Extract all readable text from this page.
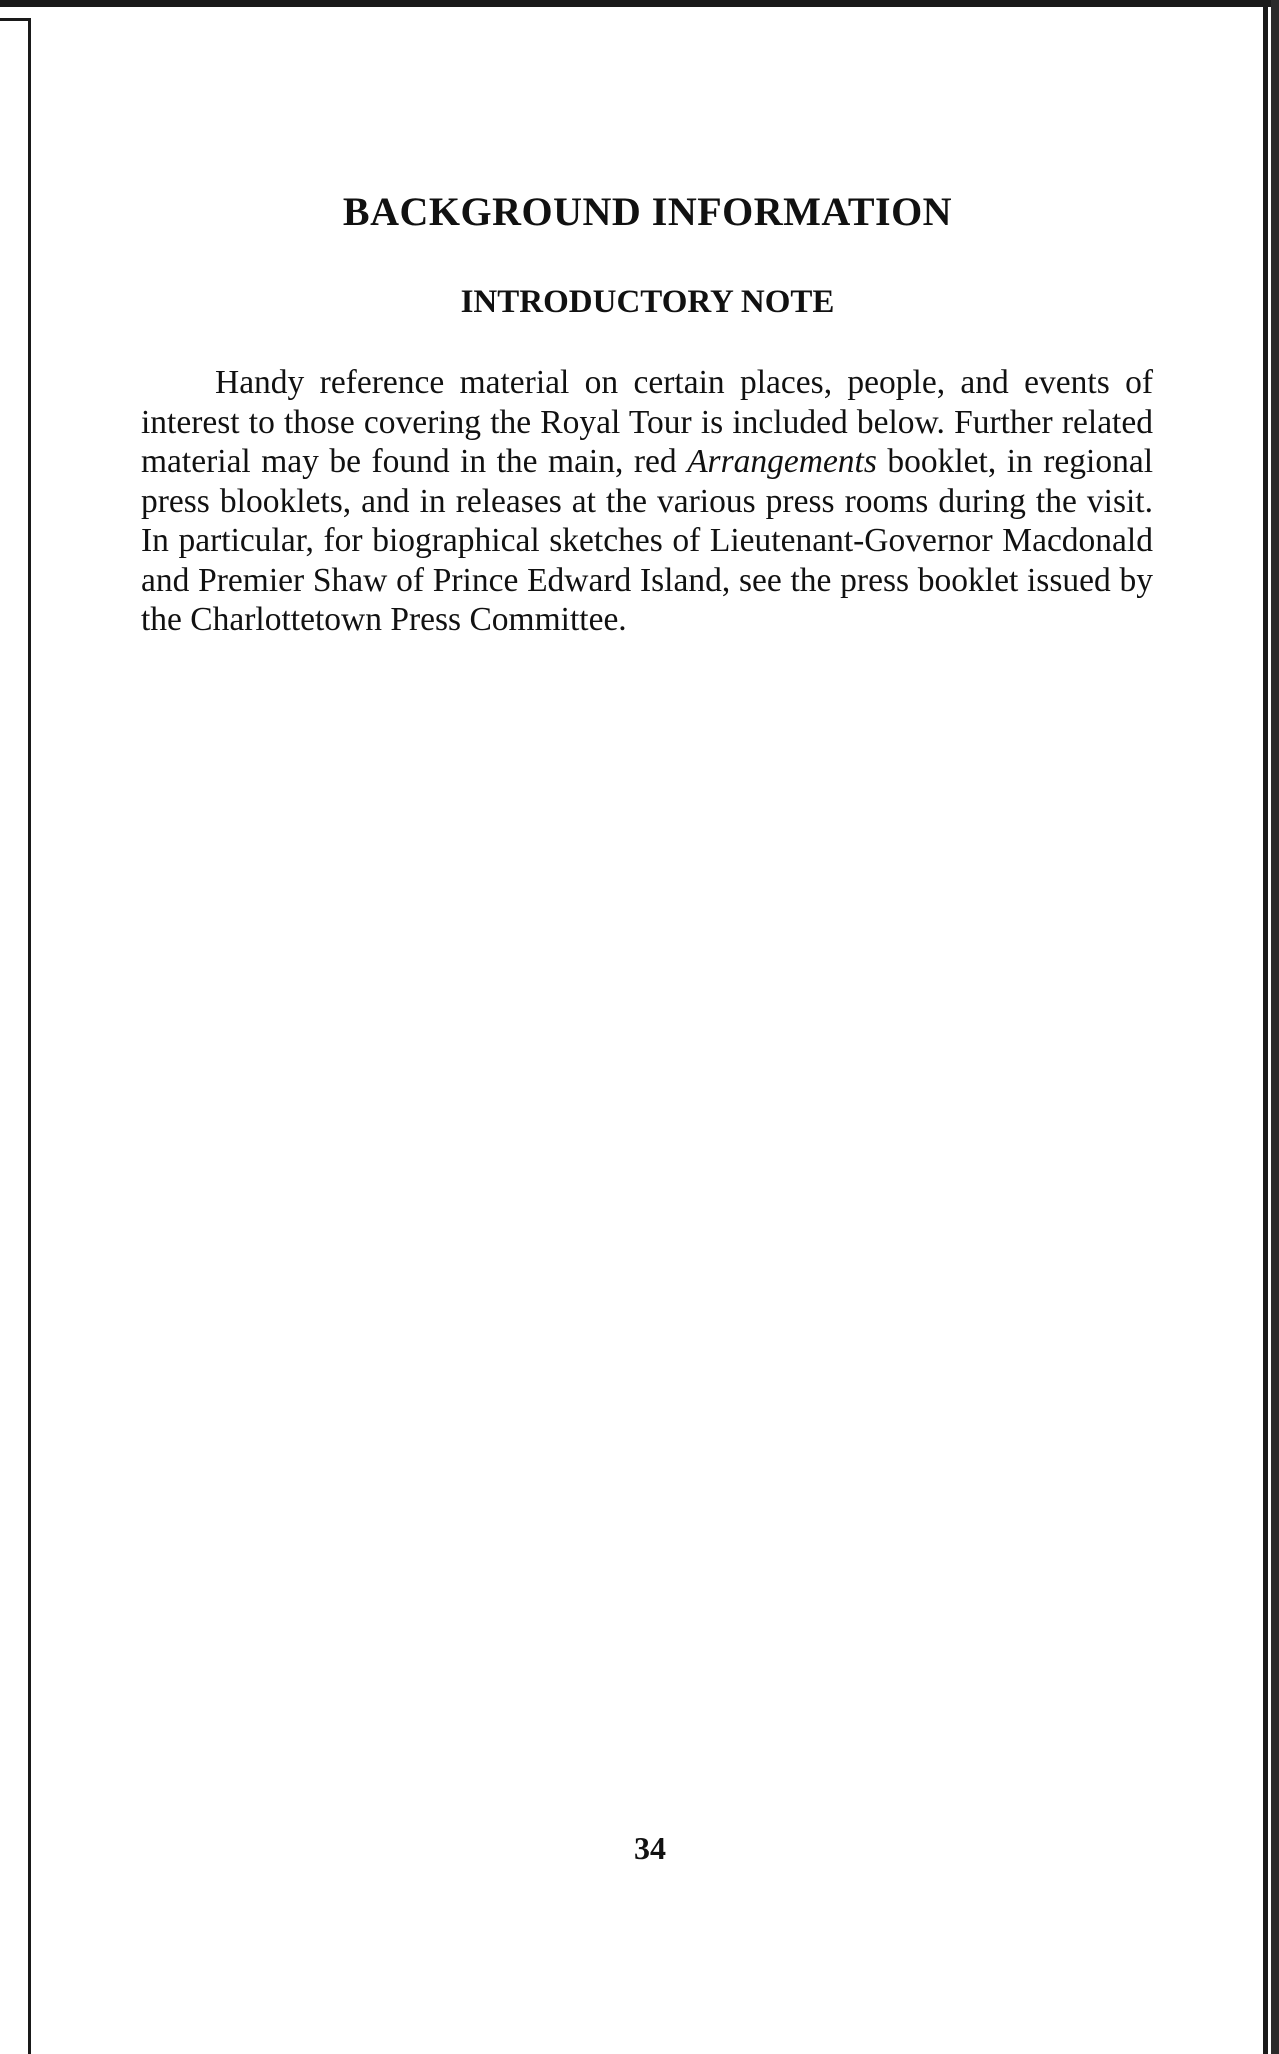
BACKGROUND INFORMATION
INTRODUCTORY NOTE

Handy reference material on certain places, people, and events of interest to those covering the Royal Tour is included below. Further related material may be found in the main, red Arrangements booklet, in regional press blooklets, and in releases at the various press rooms during the visit. In particular, for biographical sketches of Lieutenant-Governor Macdonald and Premier Shaw of Prince Edward Island, see the press booklet issued by the Charlottetown Press Committee.

34
